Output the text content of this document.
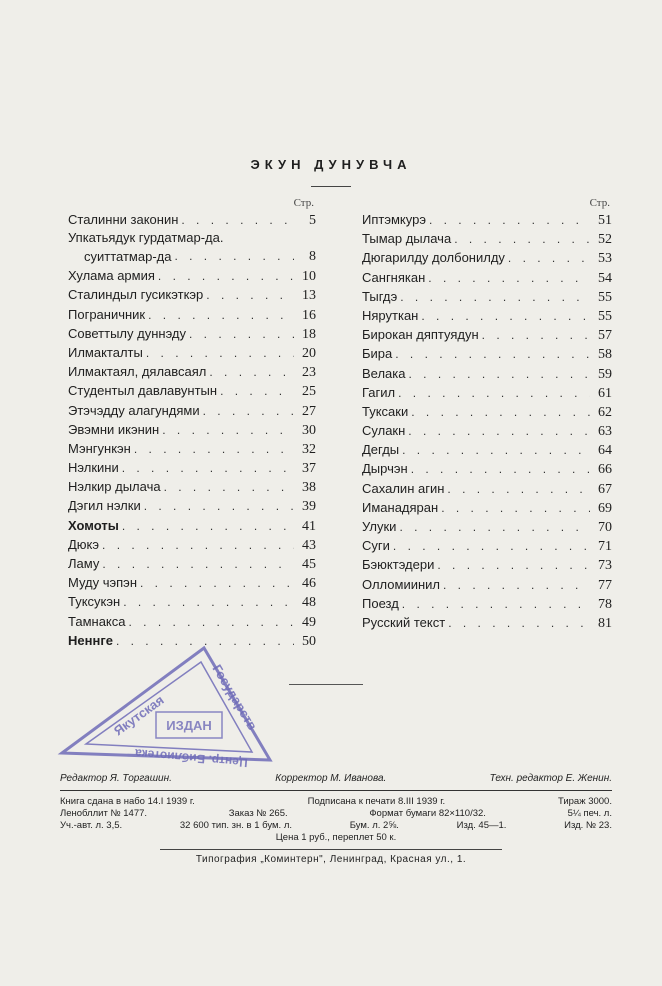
ЭКУН ДУНУВЧА
Стр.
Сталинни законин . . .	5
Упкатьядук гурдатмар-да.
суиттатмар-да . . .	8
Хулама армия . . .	10
Сталиндыл гусикэткэр . . .	13
Пограничник . . .	16
Советтылу дуннэду . . .	18
Илмакталты . . .	20
Илмактаял, дялавсаял . . .	23
Студентыл давлавунтын . . .	25
Этэчэдду алагундями . . .	27
Эвэмни икэнин . . .	30
Мэнгункэн . . .	32
Нэлкини . . .	37
Нэлкир дылача . . .	38
Дэгил нэлки . . .	39
Хомоты . . .	41
Дюкэ . . .	43
Ламу . . .	45
Муду чэпэн . . .	46
Туксукэн . . .	48
Тамнакса . . .	49
Неннге . . .	50
Стр.
Иптэмкурэ . . .	51
Тымар дылача . . .	52
Дюгарилду долбонилду . . .	53
Сангнякан . . .	54
Тыгдэ . . .	55
Няруткан . . .	55
Бирокан дяптуядун . . .	57
Бира . . .	58
Велака . . .	59
Гагил . . .	61
Туксаки . . .	62
Сулакн . . .	63
Дегды . . .	64
Дырчэн . . .	66
Сахалин агин . . .	67
Иманадяран . . .	69
Улуки . . .	70
Суги . . .	71
Бэюктэдери . . .	73
Олломиинил . . .	77
Поезд . . .	78
Русский текст . . .	81
ИЗДАН
Якутская	Государств
Центр. Библиотека
Редактор Я. Торгашин.	Корректор М. Иванова.	Техн. редактор Е. Женин.
Книга сдана в набо 14.I 1939 г.	Подписана к печати 8.III 1939 г.	Тираж 3000.
Ленобллит № 1477.	Заказ № 265.	Формат бумаги 82×110/32.	5¼ печ. л.
Уч.-авт. л. 3,5.	32 600 тип. зн. в 1 бум. л.	Бум. л. 2⅝.	Изд. 45—1.	Изд. № 23.
Цена 1 руб., переплет 50 к.
Типография „Коминтерн", Ленинград, Красная ул., 1.
